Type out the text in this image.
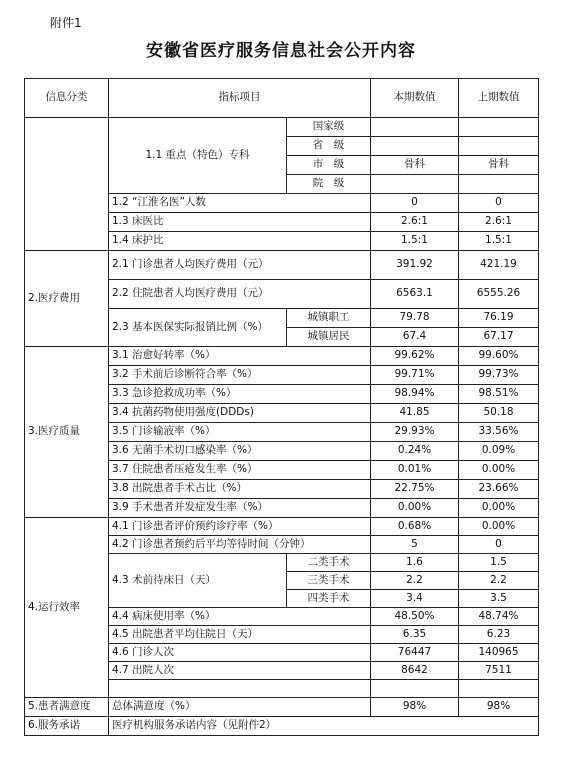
附件1
安徽省医疗服务信息社会公开内容
信息分类	指标项目		本期数值	上期数值
	1.1 重点（特色）专科	国家级		
		省　级		
		市　级	骨科	骨科
		院　级		
	1.2 “江淮名医”人数		0	0
	1.3 床医比		2.6:1	2.6:1
	1.4 床护比		1.5:1	1.5:1
2.医疗费用	2.1 门诊患者人均医疗费用（元）		391.92	421.19
	2.2 住院患者人均医疗费用（元）		6563.1	6555.26
	2.3 基本医保实际报销比例（%）	城镇职工	79.78	76.19
		城镇居民	67.4	67.17
3.医疗质量	3.1 治愈好转率（%）		99.62%	99.60%
	3.2 手术前后诊断符合率（%）		99.71%	99.73%
	3.3 急诊抢救成功率（%）		98.94%	98.51%
	3.4 抗菌药物使用强度(DDDs)		41.85	50.18
	3.5 门诊输液率（%）		29.93%	33.56%
	3.6 无菌手术切口感染率（%）		0.24%	0.09%
	3.7 住院患者压疮发生率（%）		0.01%	0.00%
	3.8 出院患者手术占比（%）		22.75%	23.66%
	3.9 手术患者并发症发生率（%）		0.00%	0.00%
4.运行效率	4.1 门诊患者评价预约诊疗率（%）		0.68%	0.00%
	4.2 门诊患者预约后平均等待时间（分钟）		5	0
	4.3 术前待床日（天）	二类手术	1.6	1.5
		三类手术	2.2	2.2
		四类手术	3.4	3.5
	4.4 病床使用率（%）		48.50%	48.74%
	4.5 出院患者平均住院日（天）		6.35	6.23
	4.6 门诊人次		76447	140965
	4.7 出院人次		8642	7511

5.患者满意度	总体满意度（%）		98%	98%
6.服务承诺	医疗机构服务承诺内容（见附件2）			
